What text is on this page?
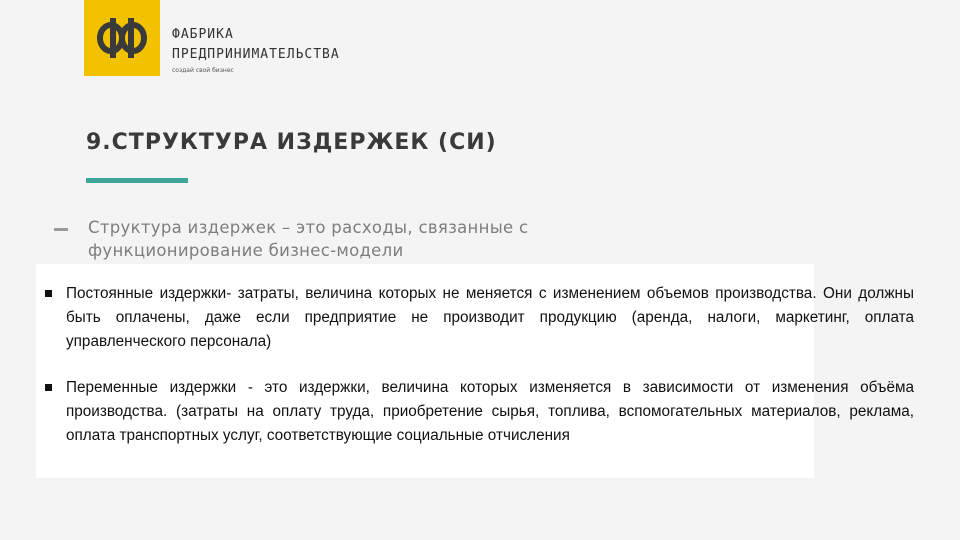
ФАБРИКА
ПРЕДПРИНИМАТЕЛЬСТВА
создай свой бизнес
9.СТРУКТУРА ИЗДЕРЖЕК (СИ)
Структура издержек – это расходы, связанные с функционирование бизнес-модели
Постоянные издержки- затраты, величина которых не меняется с изменением объемов производства. Они должны быть оплачены, даже если предприятие не производит продукцию (аренда, налоги, маркетинг, оплата управленческого персонала)
Переменные издержки - это издержки, величина которых изменяется в зависимости от изменения объёма производства. (затраты на оплату труда, приобретение сырья, топлива, вспомогательных материалов, реклама, оплата транспортных услуг, соответствующие социальные отчисления
